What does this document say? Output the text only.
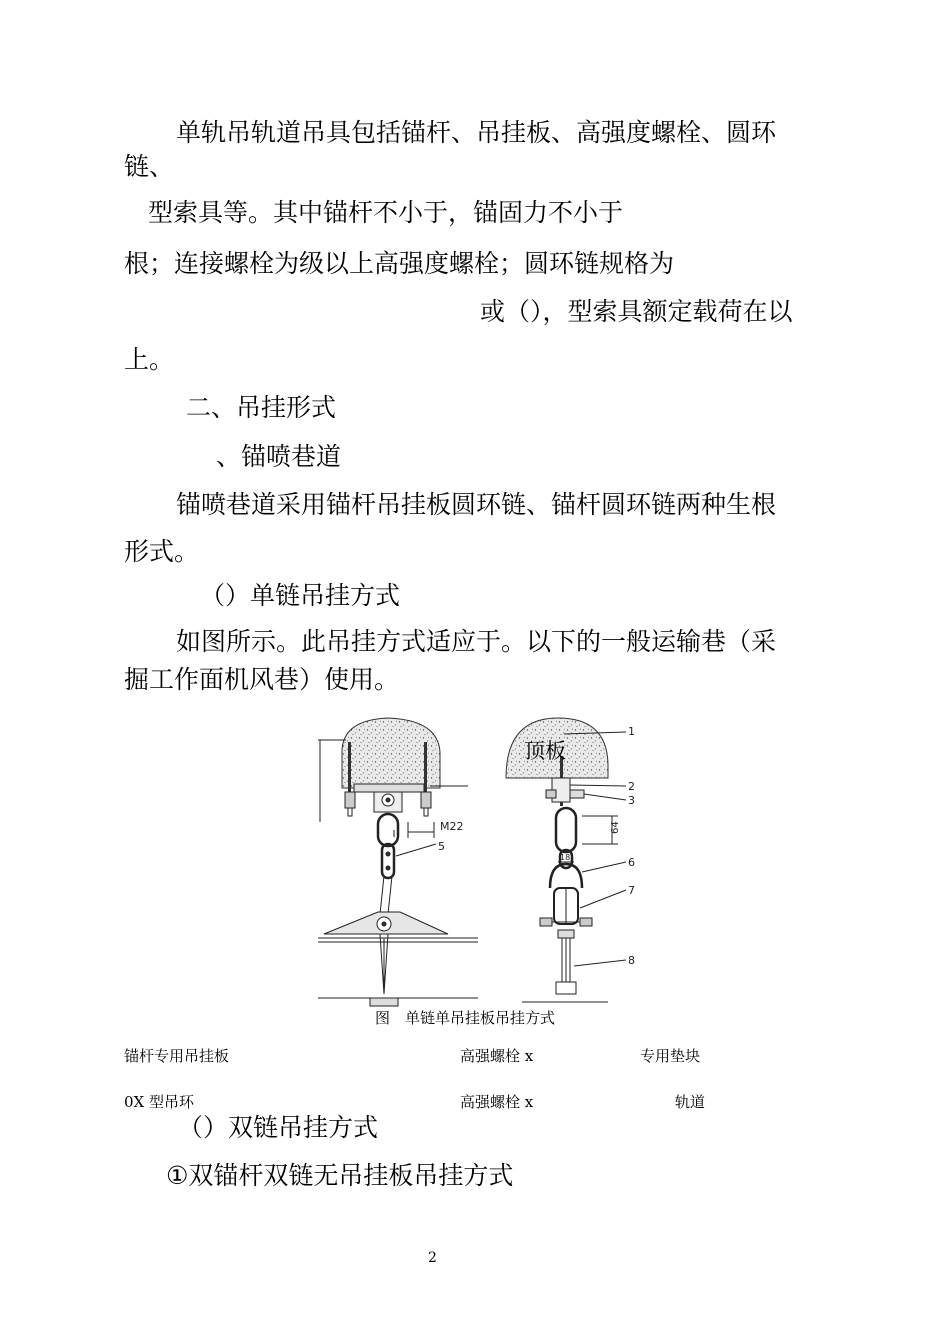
单轨吊轨道吊具包括锚杆、吊挂板、高强度螺栓、圆环
链、
型索具等。其中锚杆不小于，锚固力不小于
根；连接螺栓为级以上高强度螺栓；圆环链规格为
或（），型索具额定载荷在以
上。
二、吊挂形式
、锚喷巷道
锚喷巷道采用锚杆吊挂板圆环链、锚杆圆环链两种生根
形式。
（）单链吊挂方式
如图所示。此吊挂方式适应于。以下的一般运输巷（采
掘工作面机风巷）使用。
M22
5
顶板
64
18
1
2
3
6
7
8
图　单链单吊挂板吊挂方式
锚杆专用吊挂板	高强螺栓 x	专用垫块
0X 型吊环	高强螺栓 x	轨道
（）双链吊挂方式
①双锚杆双链无吊挂板吊挂方式
2
